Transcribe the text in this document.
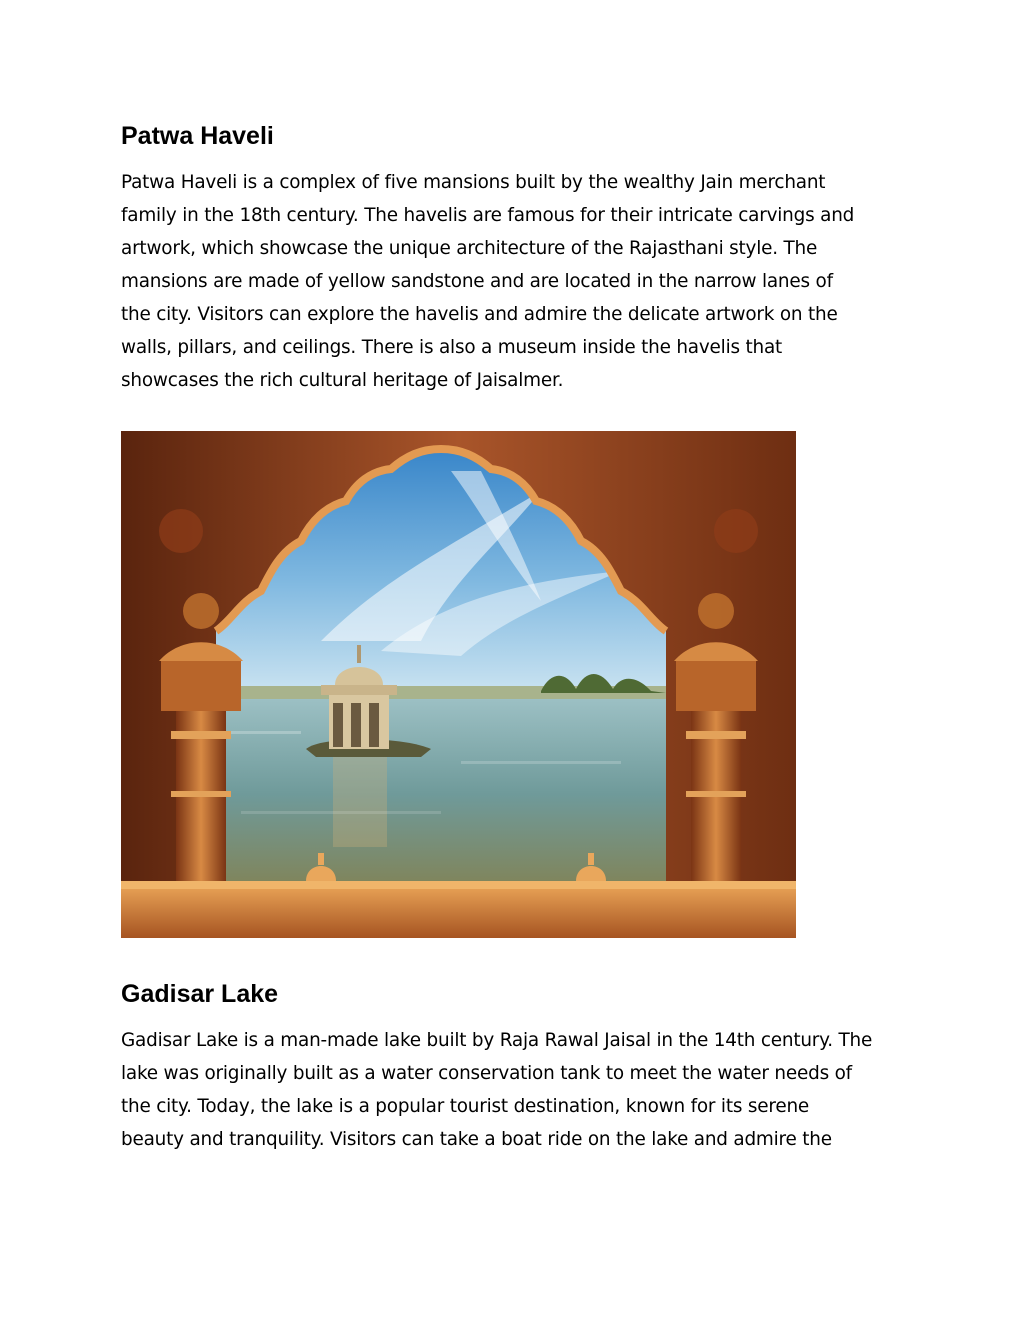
Patwa Haveli
Patwa Haveli is a complex of five mansions built by the wealthy Jain merchant
family in the 18th century. The havelis are famous for their intricate carvings and
artwork, which showcase the unique architecture of the Rajasthani style. The
mansions are made of yellow sandstone and are located in the narrow lanes of
the city. Visitors can explore the havelis and admire the delicate artwork on the
walls, pillars, and ceilings. There is also a museum inside the havelis that
showcases the rich cultural heritage of Jaisalmer.
Gadisar Lake
Gadisar Lake is a man-made lake built by Raja Rawal Jaisal in the 14th century. The
lake was originally built as a water conservation tank to meet the water needs of
the city. Today, the lake is a popular tourist destination, known for its serene
beauty and tranquility. Visitors can take a boat ride on the lake and admire the
